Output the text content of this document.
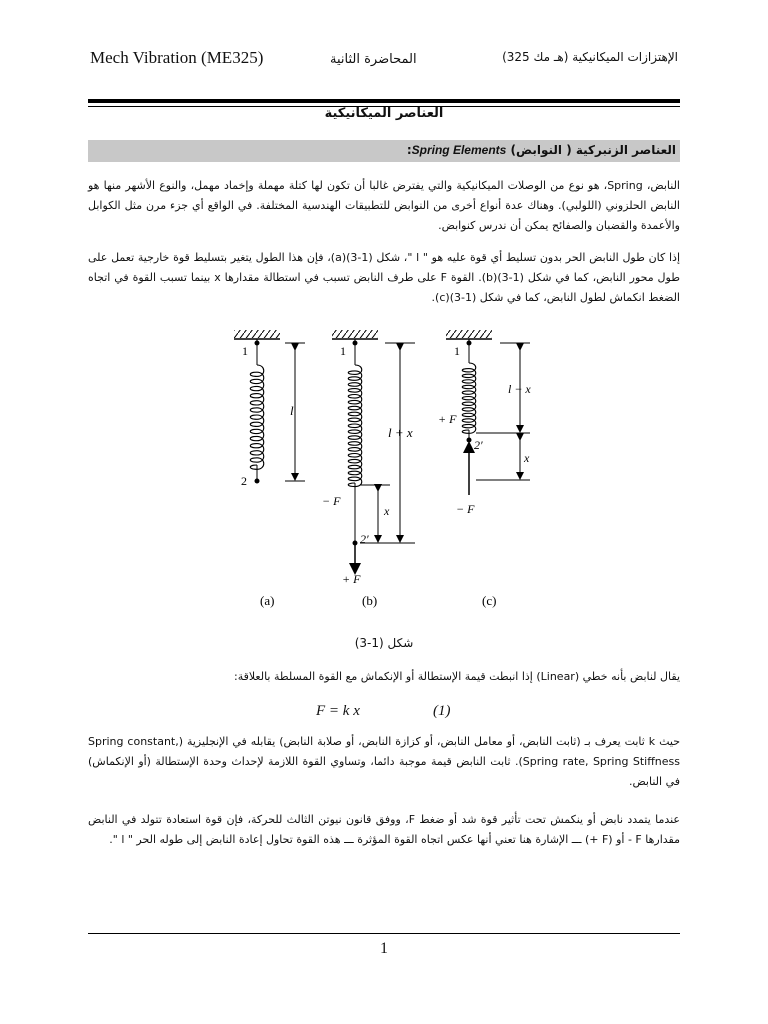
Mech Vibration (ME325)	المحاضرة الثانية	الإهتزازات الميكانيكية (هـ مك 325)
العناصر الميكانيكية
العناصر الزنبركية ( النوابض) Spring Elements:
النابض، Spring، هو نوع من الوصلات الميكانيكية والتي يفترض غالبا أن تكون لها كتلة مهملة وإخماد مهمل، والنوع الأشهر منها هو النابض الحلزوني (اللولبي). وهناك عدة أنواع أخرى من النوابض للتطبيقات الهندسية المختلفة. في الواقع أي جزء مرن مثل الكوابل والأعمدة والقضبان والصفائح يمكن أن ندرس كنوابض.
إذا كان طول النابض الحر بدون تسليط أي قوة عليه هو " l "، شكل (1-3)(a)، فإن هذا الطول يتغير بتسليط قوة خارجية تعمل على طول محور النابض، كما في شكل (1-3)(b). القوة F على طرف النابض تسبب في استطالة مقدارها x بينما تسبب القوة في اتجاه الضغط انكماش لطول النابض، كما في شكل (1-3)(c).
1
2
l
(a)
1
2′
− F
+ F
l + x
x
(b)
1
2′
+ F
− F
l − x
x
(c)
شكل (1-3)
يقال لنابض بأنه خطي (Linear) إذا انبطت قيمة الإستطالة أو الإنكماش مع القوة المسلطة بالعلاقة:
F = k x	(1)
حيث k ثابت يعرف بـ (ثابت النابض، أو معامل النابض، أو كزازة النابض، أو صلابة النابض) يقابله في الإنجليزية (Spring constant, Spring rate, Spring Stiffness). ثابت النابض قيمة موجبة دائما، وتساوي القوة اللازمة لإحداث وحدة الإستطالة (أو الإنكماش) في النابض.
عندما يتمدد نابض أو ينكمش تحت تأثير قوة شد أو ضغط F، ووفق قانون نيوتن الثالث للحركة، فإن قوة استعادة تتولد في النابض مقدارها F - أو (F +) ـــ الإشارة هنا تعني أنها عكس اتجاه القوة المؤثرة ـــ هذه القوة تحاول إعادة النابض إلى طوله الحر " l ".
1
